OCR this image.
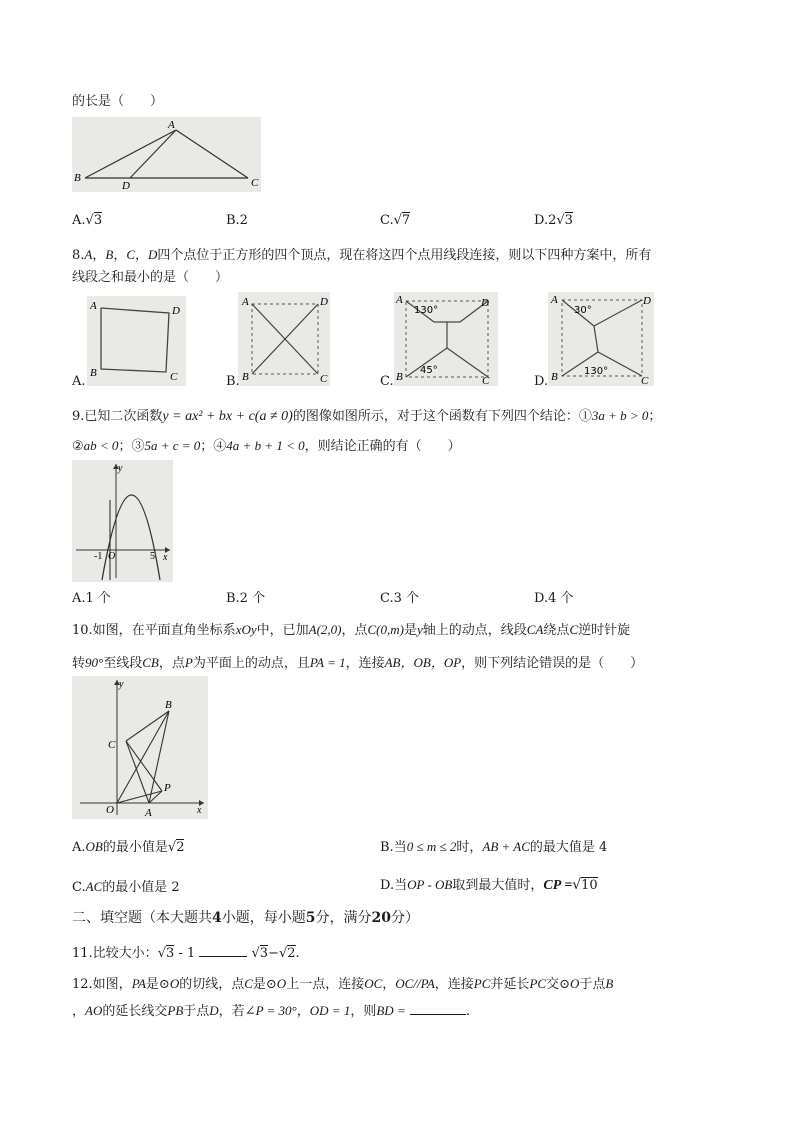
的长是（　　）
A
B
D	C
A.√3	B.2	C.√7	D.2√3
8.A，B，C，D四个点位于正方形的四个顶点，现在将这四个点用线段连接，则以下四种方案中，所有
线段之和最小的是（　　）
A	D
B	C
A.
A	D
B	C
B.
A	D
B	C
130°
45°
C.
A	D
B	C
30°
130°
D.
9.已知二次函数y = ax² + bx + c(a ≠ 0)的图像如图所示，对于这个函数有下列四个结论：①3a + b > 0；
②ab < 0；③5a + c = 0；④4a + b + 1 < 0，则结论正确的有（　　）
y
x
-1 O	5
A.1 个	B.2 个	C.3 个	D.4 个
10.如图，在平面直角坐标系xOy中，已加A(2,0)，点C(0,m)是y轴上的动点，线段CA绕点C逆时针旋
转90°至线段CB，点P为平面上的动点，且PA = 1，连接AB，OB，OP，则下列结论错误的是（　　）
y
x
B
C
P
O	A
A.OB的最小值是√2	B.当0 ≤ m ≤ 2时，AB + AC的最大值是 4
C.AC的最小值是 2	D.当OP - OB取到最大值时，CP =√10
二、填空题（本大题共4小题，每小题5分，满分20分）
11.比较大小：√3 - 1	√3−√2.
12.如图，PA是⊙O的切线，点C是⊙O上一点，连接OC，OC//PA，连接PC并延长PC交⊙O于点B
，AO的延长线交PB于点D，若∠P = 30°，OD = 1，则BD =	.
